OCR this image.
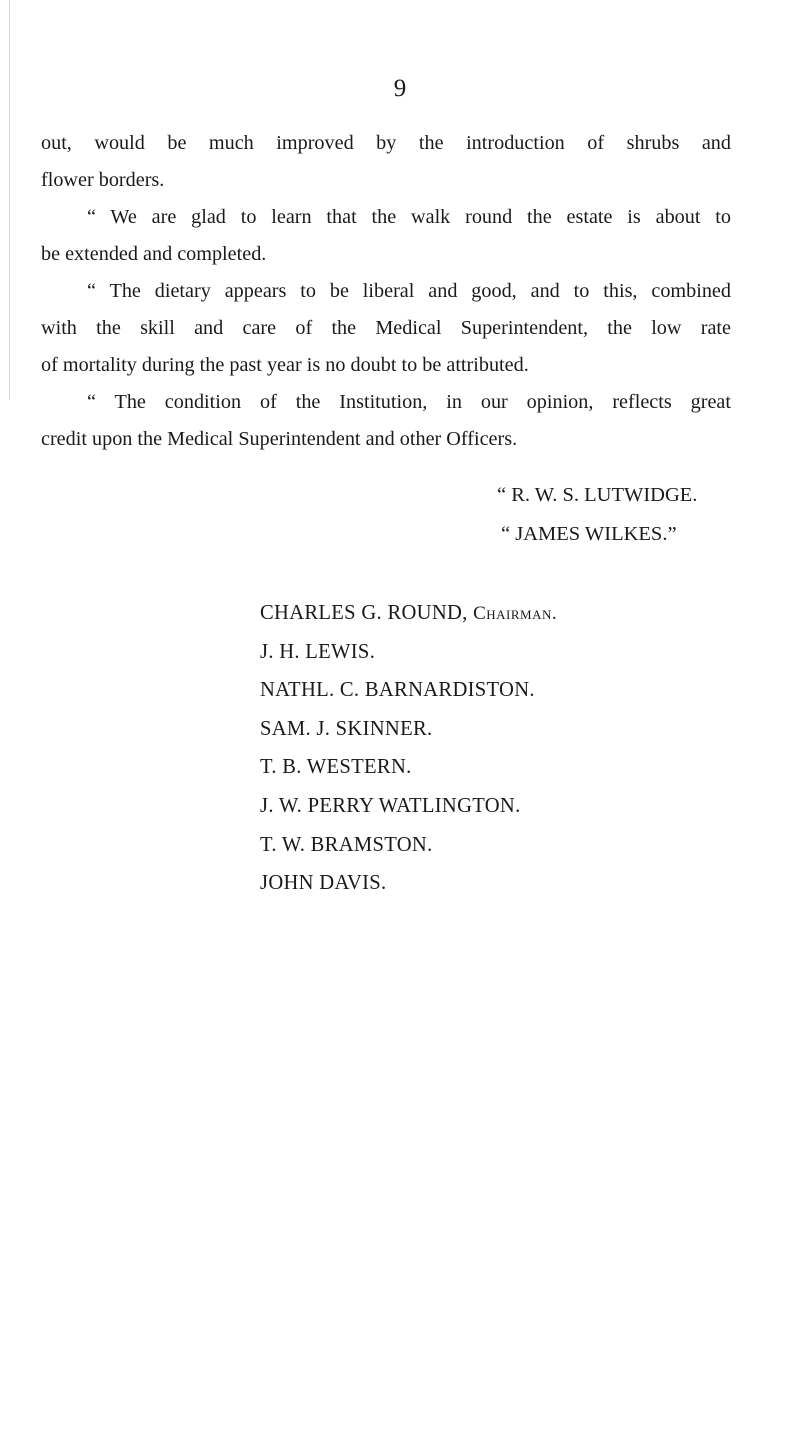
9
out, would be much improved by the introduction of shrubs and
flower borders.
“ We are glad to learn that the walk round the estate is about to
be extended and completed.
“ The dietary appears to be liberal and good, and to this, combined
with the skill and care of the Medical Superintendent, the low rate
of mortality during the past year is no doubt to be attributed.
“ The condition of the Institution, in our opinion, reflects great
credit upon the Medical Superintendent and other Officers.
“ R. W. S. LUTWIDGE.
“ JAMES WILKES.”
CHARLES G. ROUND, Chairman.
J. H. LEWIS.
NATHL. C. BARNARDISTON.
SAM. J. SKINNER.
T. B. WESTERN.
J. W. PERRY WATLINGTON.
T. W. BRAMSTON.
JOHN DAVIS.
